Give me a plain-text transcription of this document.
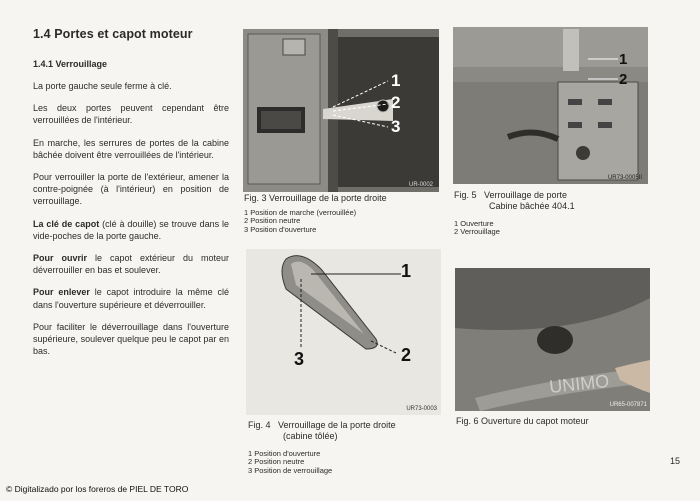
1.4 Portes et capot moteur
1.4.1 Verrouillage

La porte gauche seule ferme à clé.

Les deux portes peuvent cependant être verrouillées de l'intérieur.

En marche, les serrures de portes de la cabine bâchée doivent être verrouillées de l'intérieur.

Pour verrouiller la porte de l'extérieur, amener la contre-poignée (à l'intérieur) en position de verrouillage.

La clé de capot (clé à douille) se trouve dans le vide-poches de la porte gauche.

Pour ouvrir le capot extérieur du moteur déverrouiller en bas et soulever.

Pour enlever le capot introduire la même clé dans l'ouverture supérieure et déverrouiller.

Pour faciliter le déverrouillage dans l'ouverture supérieure, soulever quelque peu le capot par en bas.

1
2
3
UR-0002
Fig. 3 Verrouillage de la porte droite
1 Position de marche (verrouillée)
2 Position neutre
3 Position d'ouverture
1
2
UR73-0005II
Fig. 5   Verrouillage de porte
Cabine bâchée 404.1
1 Ouverture
2 Verrouillage
1
2
3
UR73-0003
Fig. 4   Verrouillage de la porte droite
(cabine tôlée)
1 Position d'ouverture
2 Position neutre
3 Position de verrouillage
UNIMO
UR65-007871
Fig. 6 Ouverture du capot moteur
15
© Digitalizado por los foreros de PIEL DE TORO
